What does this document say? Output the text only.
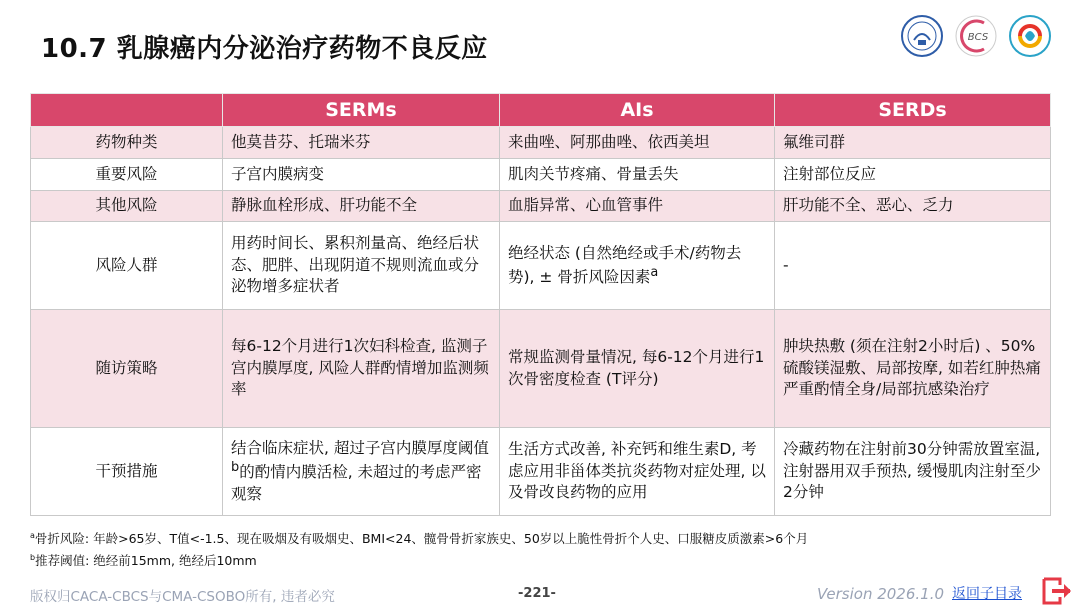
10.7 乳腺癌内分泌治疗药物不良反应	BCS
	SERMs	AIs	SERDs
药物种类	他莫昔芬、托瑞米芬	来曲唑、阿那曲唑、依西美坦	氟维司群
重要风险	子宫内膜病变	肌肉关节疼痛、骨量丢失	注射部位反应
其他风险	静脉血栓形成、肝功能不全	血脂异常、心血管事件	肝功能不全、恶心、乏力
风险人群	用药时间长、累积剂量高、绝经后状态、肥胖、出现阴道不规则流血或分泌物增多症状者	绝经状态 (自然绝经或手术/药物去势), ± 骨折风险因素$^a$	-
随访策略	每6-12个月进行1次妇科检查, 监测子宫内膜厚度, 风险人群酌情增加监测频率	常规监测骨量情况, 每6-12个月进行1次骨密度检查 (T评分)	肿块热敷 (须在注射2小时后) 、50%硫酸镁湿敷、局部按摩, 如若红肿热痛严重酌情全身/局部抗感染治疗
干预措施	结合临床症状, 超过子宫内膜厚度阈值$^b$的酌情内膜活检, 未超过的考虑严密观察	生活方式改善, 补充钙和维生素D, 考虑应用非甾体类抗炎药物对症处理, 以及骨改良药物的应用	冷藏药物在注射前30分钟需放置室温, 注射器用双手预热, 缓慢肌肉注射至少2分钟
$^a$骨折风险: 年龄>65岁、T值<-1.5、现在吸烟及有吸烟史、BMI<24、髋骨骨折家族史、50岁以上脆性骨折个人史、口服糖皮质激素>6个月
$^b$推荐阈值: 绝经前15mm, 绝经后10mm
版权归CACA-CBCS与CMA-CSOBO所有, 违者必究	-221-	Version 2026.1.0 返回子目录
